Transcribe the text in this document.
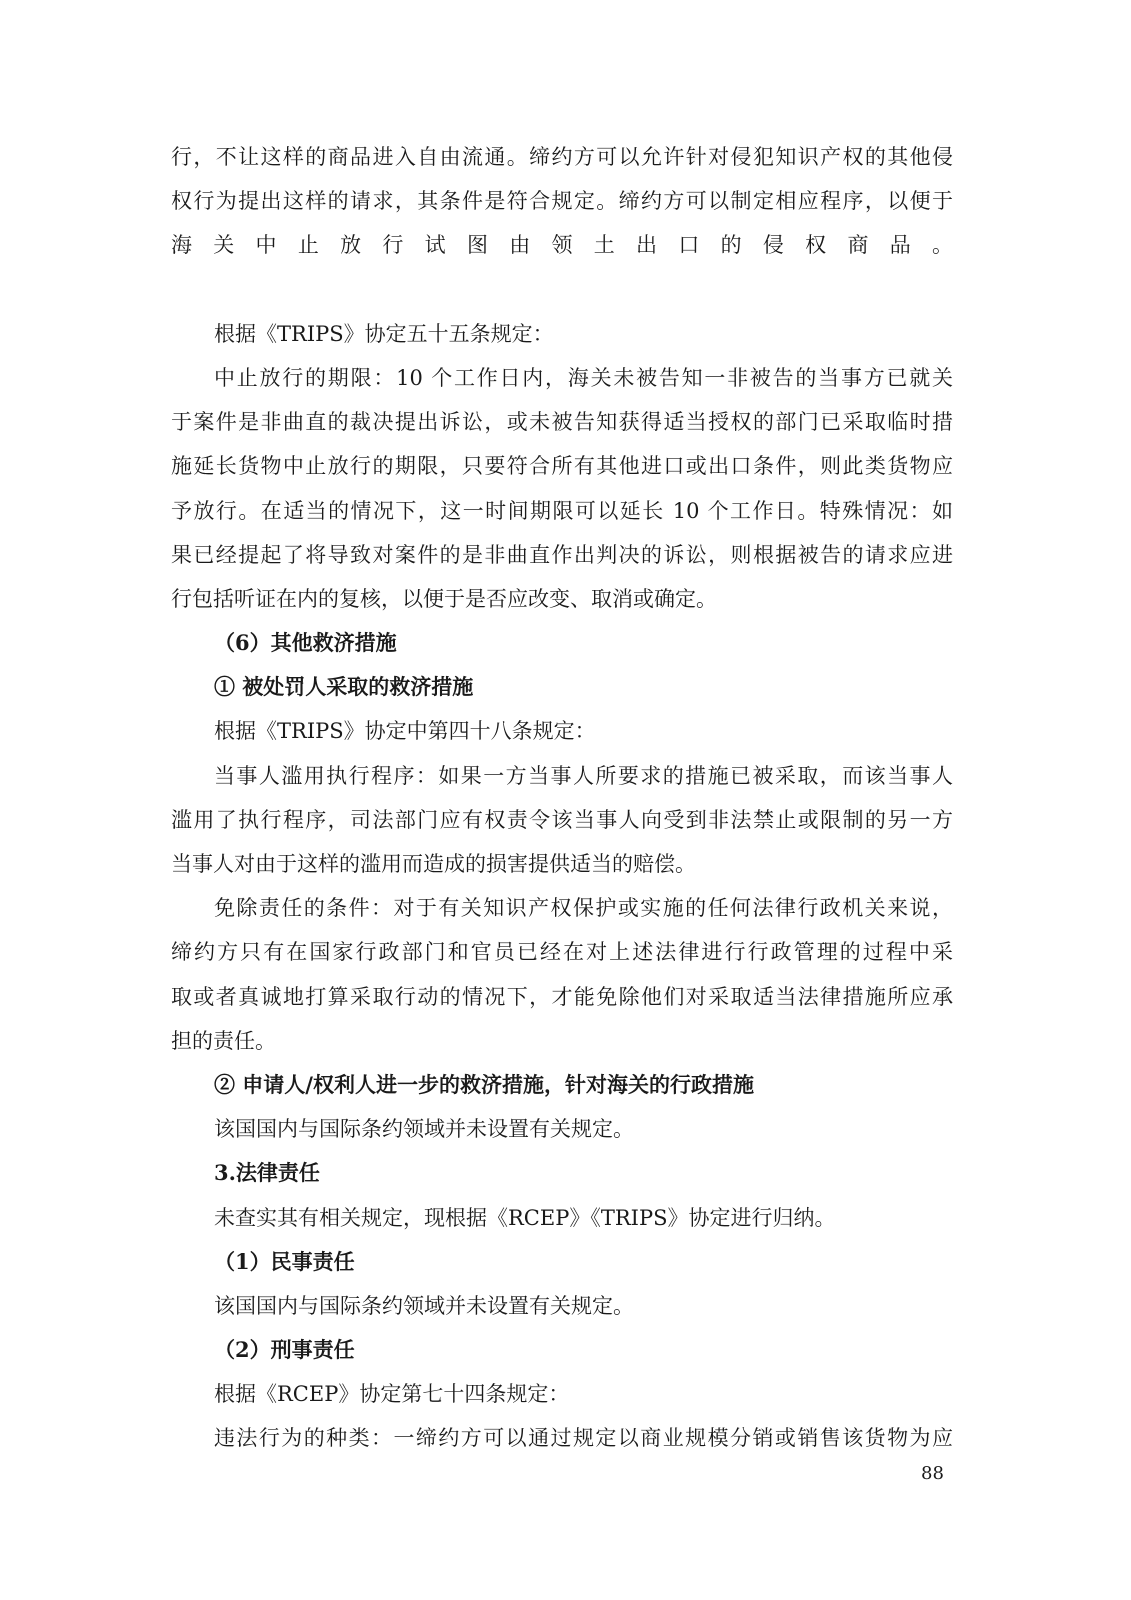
行，不让这样的商品进入自由流通。缔约方可以允许针对侵犯知识产权的其他侵
权行为提出这样的请求，其条件是符合规定。缔约方可以制定相应程序，以便于
海关中止放行试图由领土出口的侵权商品。
根据《TRIPS》协定五十五条规定：
中止放行的期限：10 个工作日内，海关未被告知一非被告的当事方已就关
于案件是非曲直的裁决提出诉讼，或未被告知获得适当授权的部门已采取临时措
施延长货物中止放行的期限，只要符合所有其他进口或出口条件，则此类货物应
予放行。在适当的情况下，这一时间期限可以延长 10 个工作日。特殊情况：如
果已经提起了将导致对案件的是非曲直作出判决的诉讼，则根据被告的请求应进
行包括听证在内的复核，以便于是否应改变、取消或确定。
（6）其他救济措施
① 被处罚人采取的救济措施
根据《TRIPS》协定中第四十八条规定：
当事人滥用执行程序：如果一方当事人所要求的措施已被采取，而该当事人
滥用了执行程序，司法部门应有权责令该当事人向受到非法禁止或限制的另一方
当事人对由于这样的滥用而造成的损害提供适当的赔偿。
免除责任的条件：对于有关知识产权保护或实施的任何法律行政机关来说，
缔约方只有在国家行政部门和官员已经在对上述法律进行行政管理的过程中采
取或者真诚地打算采取行动的情况下，才能免除他们对采取适当法律措施所应承
担的责任。
② 申请人/权利人进一步的救济措施，针对海关的行政措施
该国国内与国际条约领域并未设置有关规定。
3.法律责任
未查实其有相关规定，现根据《RCEP》《TRIPS》协定进行归纳。
（1）民事责任
该国国内与国际条约领域并未设置有关规定。
（2）刑事责任
根据《RCEP》协定第七十四条规定：
违法行为的种类：一缔约方可以通过规定以商业规模分销或销售该货物为应
88
